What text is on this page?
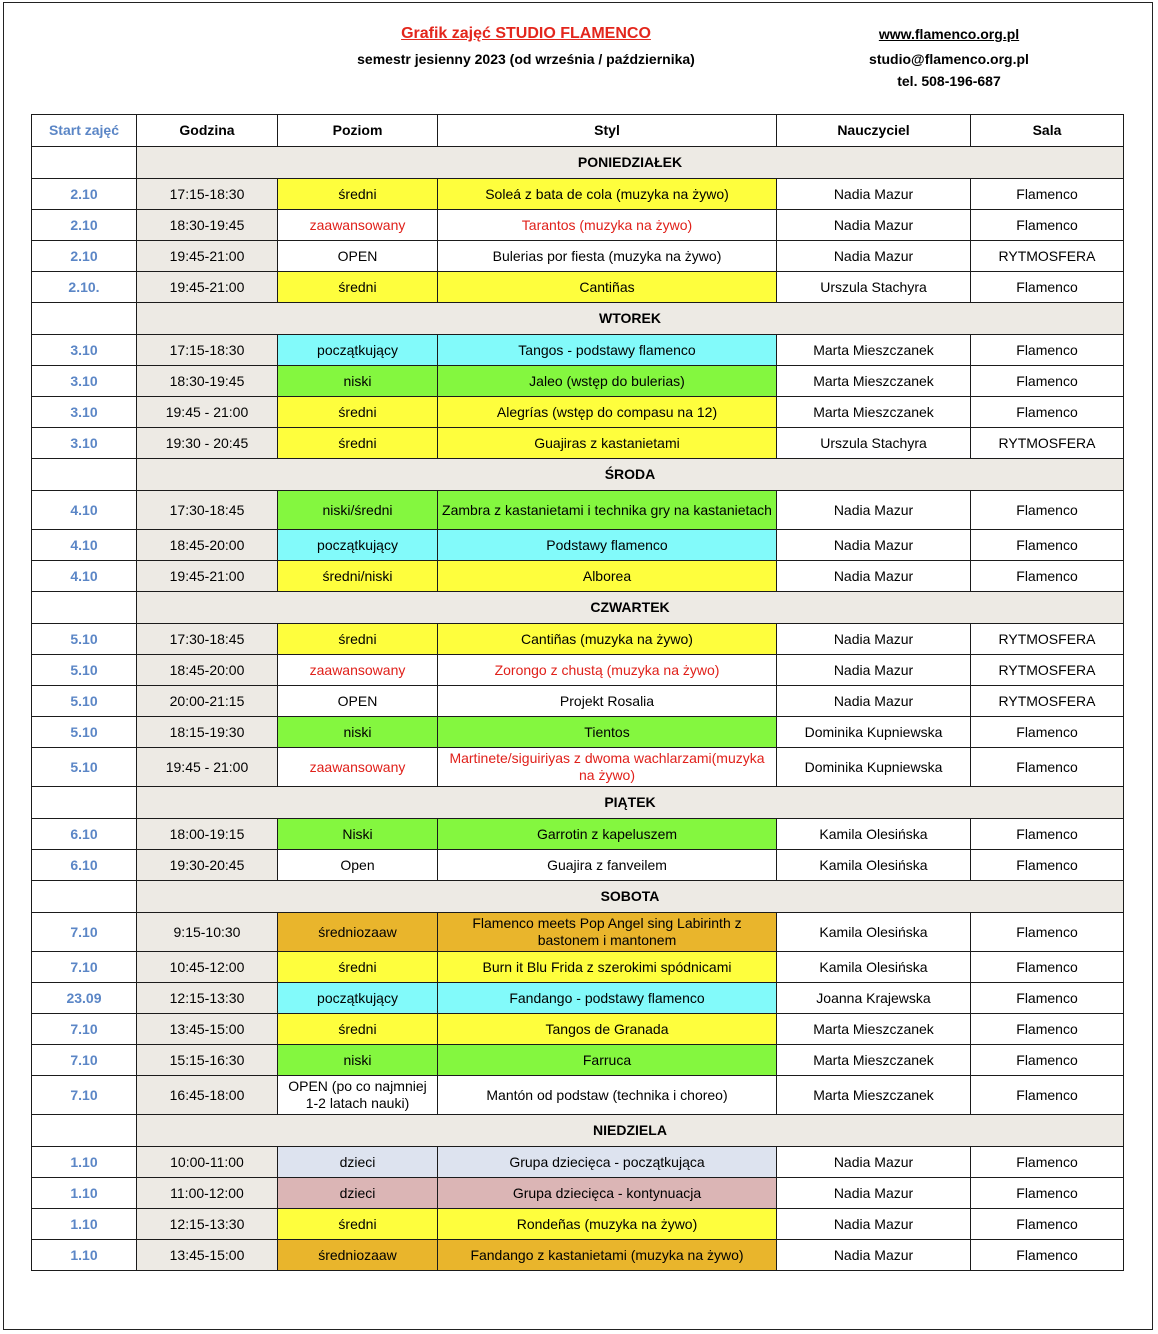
Grafik zajęć STUDIO FLAMENCO
semestr jesienny 2023 (od września / października)
www.flamenco.org.pl
studio@flamenco.org.pl
tel. 508-196-687
Start zajęć	Godzina	Poziom	Styl	Nauczyciel	Sala
	PONIEDZIAŁEK				
2.10	17:15-18:30	średni	Soleá z bata de cola (muzyka na żywo)	Nadia Mazur	Flamenco
2.10	18:30-19:45	zaawansowany	Tarantos (muzyka na żywo)	Nadia Mazur	Flamenco
2.10	19:45-21:00	OPEN	Bulerias por fiesta (muzyka na żywo)	Nadia Mazur	RYTMOSFERA
2.10.	19:45-21:00	średni	Cantiñas	Urszula Stachyra	Flamenco
	WTOREK				
3.10	17:15-18:30	początkujący	Tangos - podstawy flamenco	Marta Mieszczanek	Flamenco
3.10	18:30-19:45	niski	Jaleo (wstęp do bulerias)	Marta Mieszczanek	Flamenco
3.10	19:45 - 21:00	średni	Alegrías (wstęp do compasu na 12)	Marta Mieszczanek	Flamenco
3.10	19:30 - 20:45	średni	Guajiras z kastanietami	Urszula Stachyra	RYTMOSFERA
	ŚRODA				
4.10	17:30-18:45	niski/średni	Zambra z kastanietami i technika gry na kastanietach	Nadia Mazur	Flamenco
4.10	18:45-20:00	początkujący	Podstawy flamenco	Nadia Mazur	Flamenco
4.10	19:45-21:00	średni/niski	Alborea	Nadia Mazur	Flamenco
	CZWARTEK				
5.10	17:30-18:45	średni	Cantiñas (muzyka na żywo)	Nadia Mazur	RYTMOSFERA
5.10	18:45-20:00	zaawansowany	Zorongo z chustą (muzyka na żywo)	Nadia Mazur	RYTMOSFERA
5.10	20:00-21:15	OPEN	Projekt Rosalia	Nadia Mazur	RYTMOSFERA
5.10	18:15-19:30	niski	Tientos	Dominika Kupniewska	Flamenco
5.10	19:45 - 21:00	zaawansowany	Martinete/siguiriyas z dwoma wachlarzami(muzyka na żywo)	Dominika Kupniewska	Flamenco
	PIĄTEK				
6.10	18:00-19:15	Niski	Garrotin z kapeluszem	Kamila Olesińska	Flamenco
6.10	19:30-20:45	Open	Guajira z fanveilem	Kamila Olesińska	Flamenco
	SOBOTA				
7.10	9:15-10:30	średniozaaw	Flamenco meets Pop Angel sing Labirinth z bastonem i mantonem	Kamila Olesińska	Flamenco
7.10	10:45-12:00	średni	Burn it Blu Frida z szerokimi spódnicami	Kamila Olesińska	Flamenco
23.09	12:15-13:30	początkujący	Fandango - podstawy flamenco	Joanna Krajewska	Flamenco
7.10	13:45-15:00	średni	Tangos de Granada	Marta Mieszczanek	Flamenco
7.10	15:15-16:30	niski	Farruca	Marta Mieszczanek	Flamenco
7.10	16:45-18:00	OPEN (po co najmniej 1-2 latach nauki)	Mantón od podstaw (technika i choreo)	Marta Mieszczanek	Flamenco
	NIEDZIELA				
1.10	10:00-11:00	dzieci	Grupa dziecięca - początkująca	Nadia Mazur	Flamenco
1.10	11:00-12:00	dzieci	Grupa dziecięca - kontynuacja	Nadia Mazur	Flamenco
1.10	12:15-13:30	średni	Rondeñas (muzyka na żywo)	Nadia Mazur	Flamenco
1.10	13:45-15:00	średniozaaw	Fandango z kastanietami (muzyka na żywo)	Nadia Mazur	Flamenco
